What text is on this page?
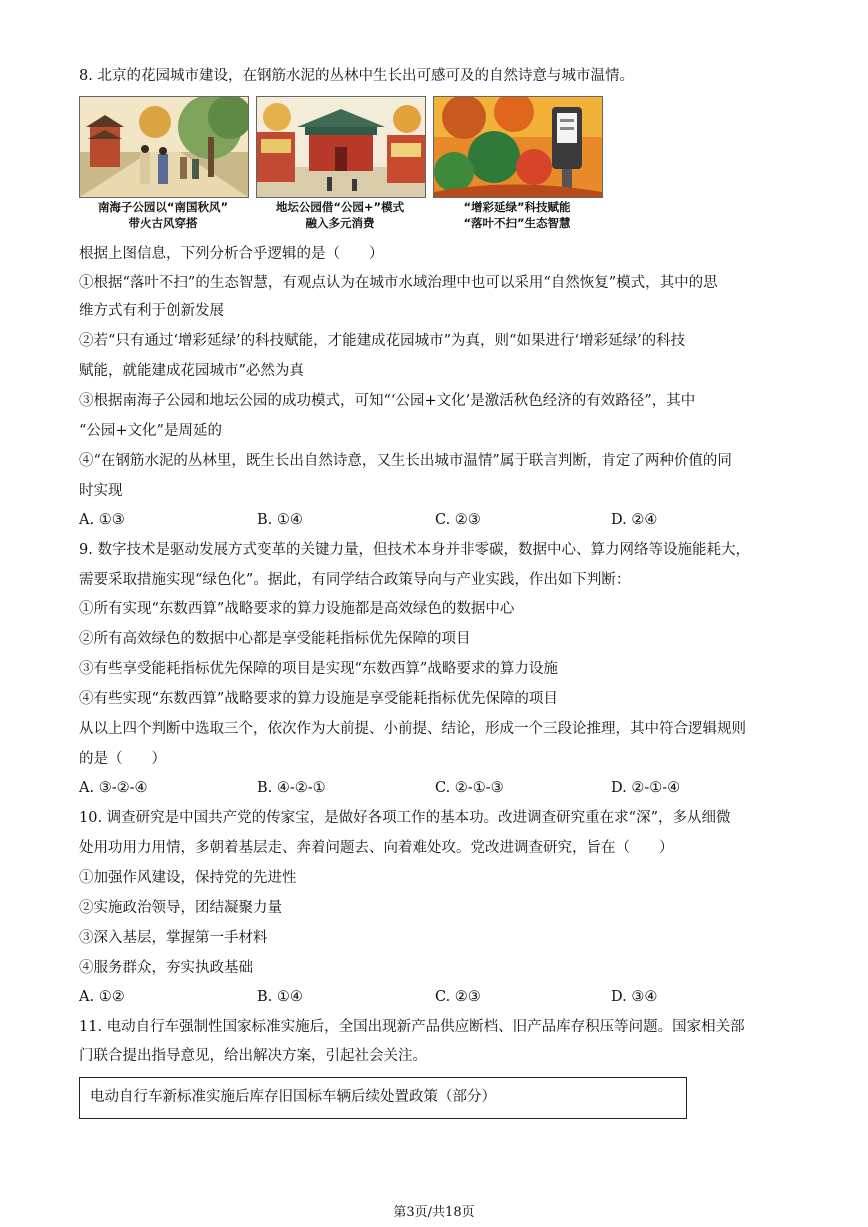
8. 北京的花园城市建设，在钢筋水泥的丛林中生长出可感可及的自然诗意与城市温情。
南海子公园以“南国秋风”
带火古风穿搭
地坛公园借“公园+”模式
融入多元消费
“增彩延绿”科技赋能
“落叶不扫”生态智慧
根据上图信息，下列分析合乎逻辑的是（　　）
①根据“落叶不扫”的生态智慧，有观点认为在城市水域治理中也可以采用“自然恢复”模式，其中的思
维方式有利于创新发展
②若“只有通过‘增彩延绿’的科技赋能，才能建成花园城市”为真，则“如果进行‘增彩延绿’的科技
赋能，就能建成花园城市”必然为真
③根据南海子公园和地坛公园的成功模式，可知“‘公园+文化’是激活秋色经济的有效路径”，其中
“公园+文化”是周延的
④“在钢筋水泥的丛林里，既生长出自然诗意，又生长出城市温情”属于联言判断，肯定了两种价值的同
时实现
A. ①③	B. ①④	C. ②③	D. ②④
9. 数字技术是驱动发展方式变革的关键力量，但技术本身并非零碳，数据中心、算力网络等设施能耗大，
需要采取措施实现“绿色化”。据此，有同学结合政策导向与产业实践，作出如下判断：
①所有实现“东数西算”战略要求的算力设施都是高效绿色的数据中心
②所有高效绿色的数据中心都是享受能耗指标优先保障的项目
③有些享受能耗指标优先保障的项目是实现“东数西算”战略要求的算力设施
④有些实现“东数西算”战略要求的算力设施是享受能耗指标优先保障的项目
从以上四个判断中选取三个，依次作为大前提、小前提、结论，形成一个三段论推理，其中符合逻辑规则
的是（　　）
A. ③-②-④	B. ④-②-①	C. ②-①-③	D. ②-①-④
10. 调查研究是中国共产党的传家宝，是做好各项工作的基本功。改进调查研究重在求“深”，多从细微
处用功用力用情，多朝着基层走、奔着问题去、向着难处攻。党改进调查研究，旨在（　　）
①加强作风建设，保持党的先进性
②实施政治领导，团结凝聚力量
③深入基层，掌握第一手材料
④服务群众，夯实执政基础
A. ①②	B. ①④	C. ②③	D. ③④
11. 电动自行车强制性国家标准实施后，全国出现新产品供应断档、旧产品库存积压等问题。国家相关部
门联合提出指导意见，给出解决方案，引起社会关注。
电动自行车新标准实施后库存旧国标车辆后续处置政策（部分）
第3页/共18页
